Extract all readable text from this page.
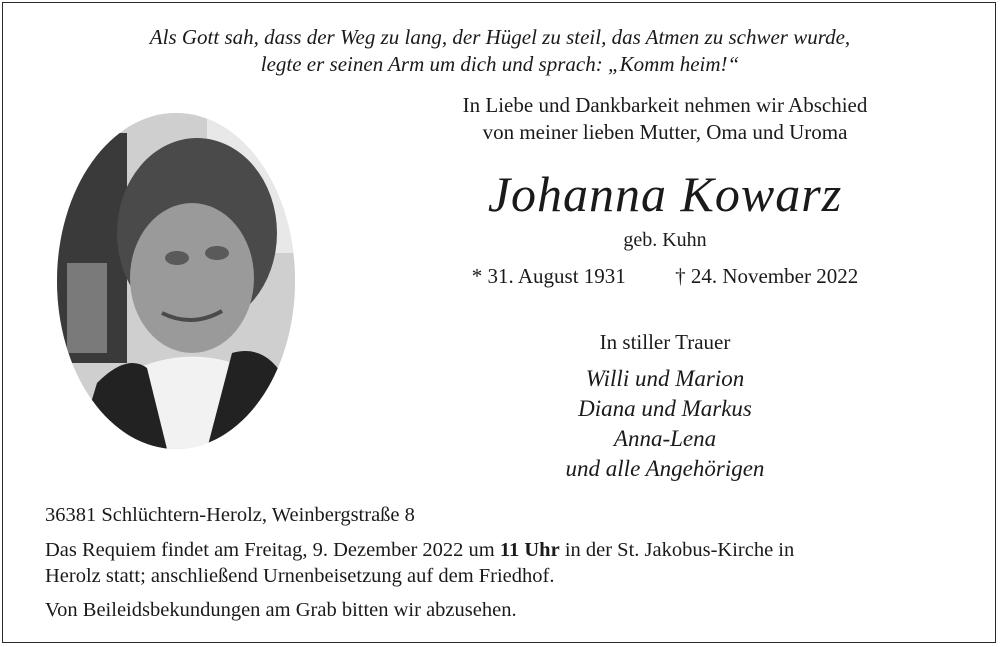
Als Gott sah, dass der Weg zu lang, der Hügel zu steil, das Atmen zu schwer wurde,
legte er seinen Arm um dich und sprach: „Komm heim!“
In Liebe und Dankbarkeit nehmen wir Abschied
von meiner lieben Mutter, Oma und Uroma
Johanna Kowarz
geb. Kuhn
* 31. August 1931 † 24. November 2022
In stiller Trauer
Willi und Marion
Diana und Markus
Anna-Lena
und alle Angehörigen
36381 Schlüchtern-Herolz, Weinbergstraße 8
Das Requiem findet am Freitag, 9. Dezember 2022 um 11 Uhr in der St. Jakobus-Kirche in
Herolz statt; anschließend Urnenbeisetzung auf dem Friedhof.
Von Beileidsbekundungen am Grab bitten wir abzusehen.
